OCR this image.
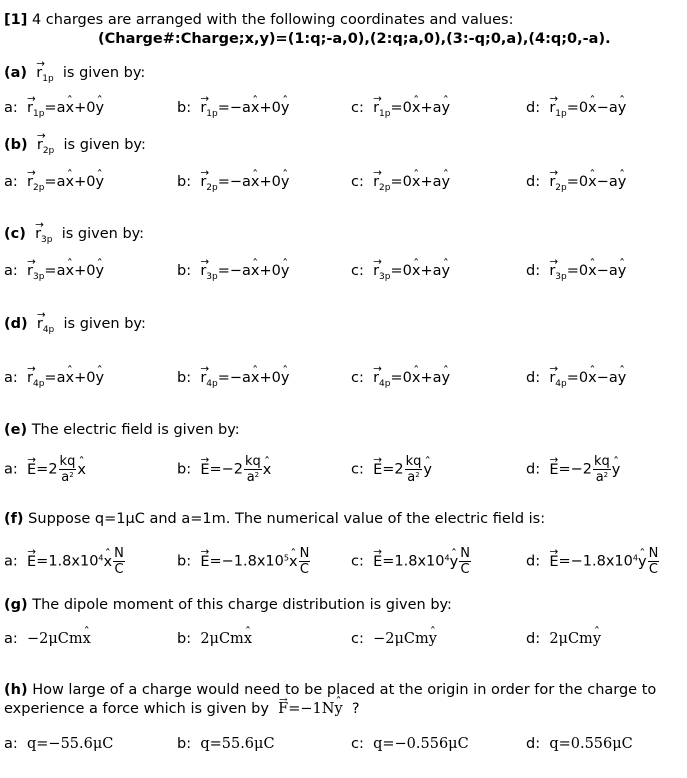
[1] 4 charges are arranged with the following coordinates and values:
(Charge#:Charge;x,y)=(1:q;-a,0),(2:q;a,0),(3:-q;0,a),(4:q;0,-a).
$(a) \to r_{1p}$ is given by:
a: → $r_{1p}=aˆ$ x+0ˆ y	b: → $r_{1p}=-aˆ$ x+0ˆ y	c: → $r_{1p}=0ˆ$ x+aˆ y	d: → $r_{1p}=0ˆ$ x−aˆ y
$(b) \to r_{2p}$ is given by:
a: → $r_{2p}=aˆ$ x+0ˆ y	b: → $r_{2p}=-aˆ$ x+0ˆ y	c: → $r_{2p}=0ˆ$ x+aˆ y	d: → $r_{2p}=0ˆ$ x−aˆ y
$(c) \to r_{3p}$ is given by:
a: → $r_{3p}=aˆ$ x+0ˆ y	b: → $r_{3p}=-aˆ$ x+0ˆ y	c: → $r_{3p}=0ˆ$ x+aˆ y	d: → $r_{3p}=0ˆ$ x−aˆ y
$(d) \to r_{4p}$ is given by:
a: → $r_{4p}=aˆ$ x+0ˆ y	b: → $r_{4p}=-aˆ$ x+0ˆ y	c: → $r_{4p}=0ˆ$ x+aˆ y	d: → $r_{4p}=0ˆ$ x−aˆ y
(e) The electric field is given by:
a: → $E=2 \frac{kq}{a^2}$ ˆ x	b: → $E=-2 \frac{kq}{a^2}$ ˆ x	c: → $E=2 \frac{kq}{a^2}$ ˆ y	d: → $E=-2 \frac{kq}{a^2}$ ˆ y
(f) Suppose q=1μC and a=1m. The numerical value of the electric field is:
a: → $E=1.8x10^4ˆ$ x $\frac{N}{C}$	b: → $E=-1.8x10^5ˆ$ x $\frac{N}{C}$	c: → $E=1.8x10^4ˆ$ y $\frac{N}{C}$	d: → $E=-1.8x10^4ˆ$ y $\frac{N}{C}$
(g) The dipole moment of this charge distribution is given by:
a: −2μCmˆ x	b: 2μCmˆ x	c: −2μCmˆ y	d: 2μCmˆ y
(h) How large of a charge would need to be placed at the origin in order for the charge to
experience a force which is given by → F=−1Nˆ y ?
a: q=−55.6μC	b: q=55.6μC	c: q=−0.556μC	d: q=0.556μC
